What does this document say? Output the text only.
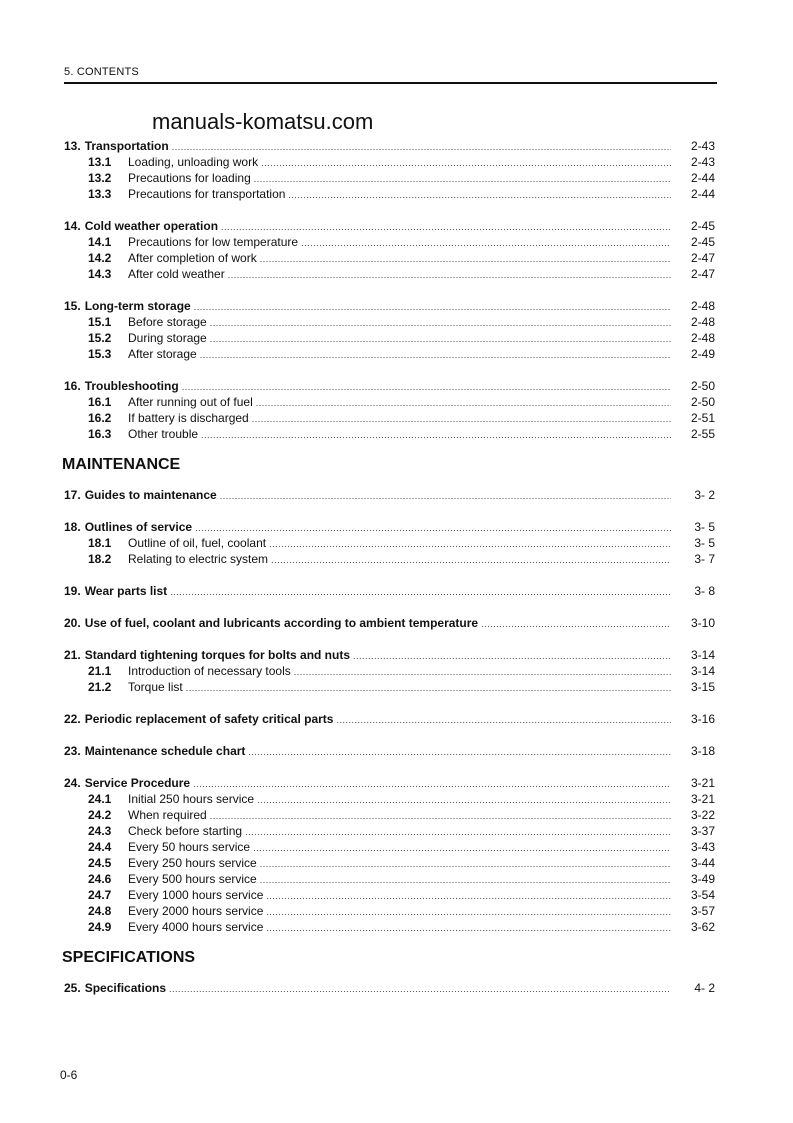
5. CONTENTS
manuals-komatsu.com
13. Transportation .....	2-43
13.1	Loading, unloading work .....	2-43
13.2	Precautions for loading .....	2-44
13.3	Precautions for transportation .....	2-44
14. Cold weather operation .....	2-45
14.1	Precautions for low temperature .....	2-45
14.2	After completion of work .....	2-47
14.3	After cold weather .....	2-47
15. Long-term storage .....	2-48
15.1	Before storage .....	2-48
15.2	During storage .....	2-48
15.3	After storage .....	2-49
16. Troubleshooting .....	2-50
16.1	After running out of fuel .....	2-50
16.2	If battery is discharged .....	2-51
16.3	Other trouble .....	2-55
MAINTENANCE
17. Guides to maintenance .....	3- 2
18. Outlines of service .....	3- 5
18.1	Outline of oil, fuel, coolant .....	3- 5
18.2	Relating to electric system .....	3- 7
19. Wear parts list .....	3- 8
20. Use of fuel, coolant and lubricants according to ambient temperature .....	3-10
21. Standard tightening torques for bolts and nuts .....	3-14
21.1	Introduction of necessary tools .....	3-14
21.2	Torque list .....	3-15
22. Periodic replacement of safety critical parts .....	3-16
23. Maintenance schedule chart .....	3-18
24. Service Procedure .....	3-21
24.1	Initial 250 hours service .....	3-21
24.2	When required .....	3-22
24.3	Check before starting .....	3-37
24.4	Every 50 hours service .....	3-43
24.5	Every 250 hours service .....	3-44
24.6	Every 500 hours service .....	3-49
24.7	Every 1000 hours service .....	3-54
24.8	Every 2000 hours service .....	3-57
24.9	Every 4000 hours service .....	3-62
SPECIFICATIONS
25. Specifications .....	4- 2
0-6
